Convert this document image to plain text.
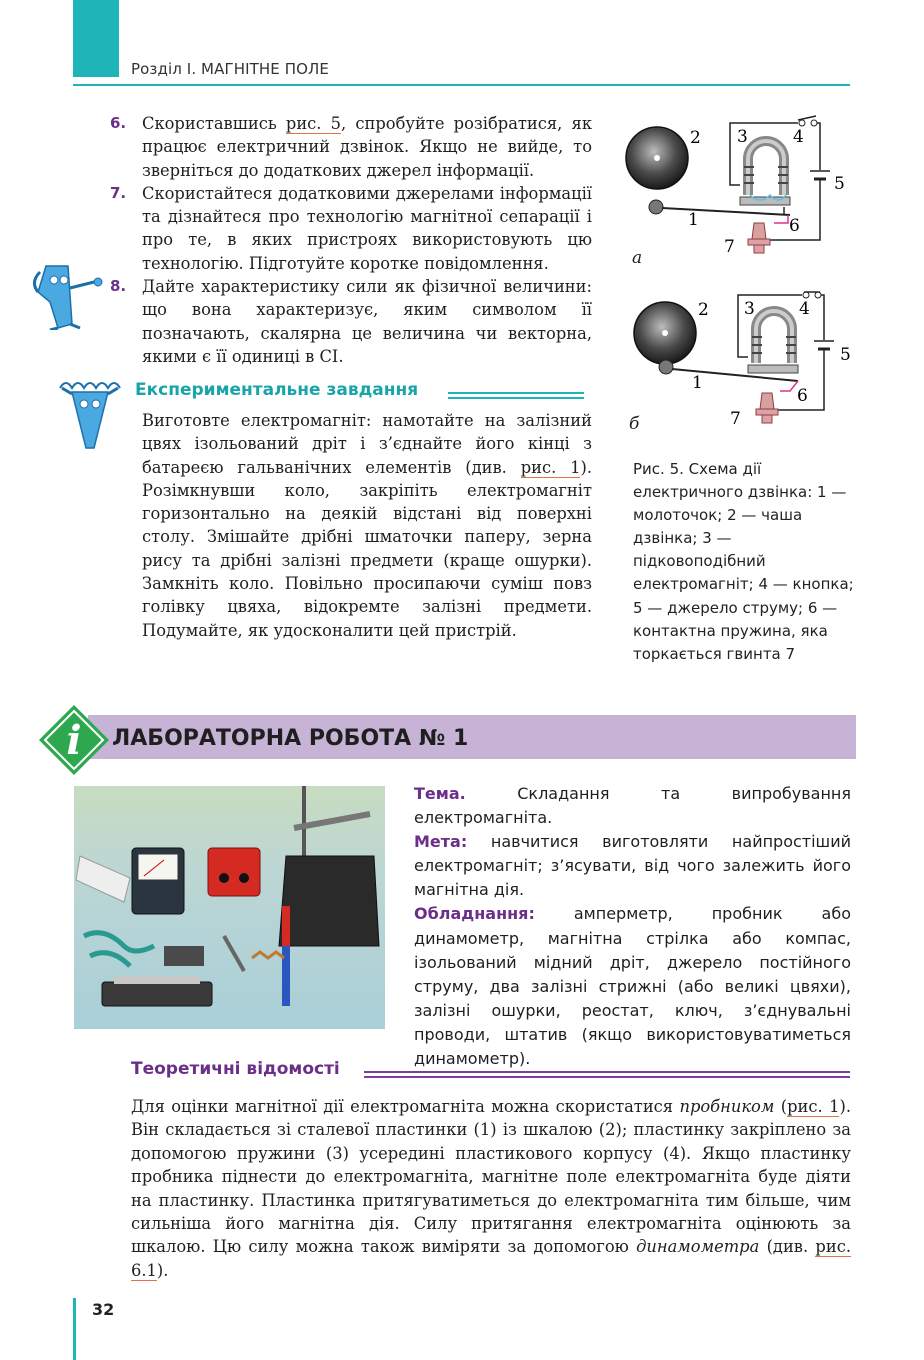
Розділ І. МАГНІТНЕ ПОЛЕ
6. Скориставшись рис. 5, спробуйте розібратися, як працює електричний дзвінок. Якщо не вийде, то зверніться до додаткових джерел інформації.
7. Скористайтеся додатковими джерелами інформації та дізнайтеся про технологію магнітної сепарації і про те, в яких пристроях використовують цю технологію. Підготуйте коротке повідомлення.
8. Дайте характеристику сили як фізичної величини: що вона характеризує, яким символом її позначають, скалярна це величина чи векторна, якими є її одиниці в СІ.
Експериментальне завдання
Виготовте електромагніт: намотайте на залізний цвях ізольований дріт і з’єднайте його кінці з батареєю гальванічних елементів (див. рис. 1). Розімкнувши коло, закріпіть електромагніт горизонтально на деякій відстані від поверхні столу. Змішайте дрібні шматочки паперу, зерна рису та дрібні залізні предмети (краще ошурки). Замкніть коло. Повільно просипаючи суміш повз голівку цвяха, відокремте залізні предмети. Подумайте, як удосконалити цей пристрій.
2 3	4
5
1	6
7
а
2 3	4
5
1
6
7
б
Рис. 5. Схема дії електричного дзвінка: 1 — молоточок; 2 — чаша дзвінка; 3 — підковоподібний електромагніт; 4 — кнопка; 5 — джерело струму; 6 — контактна пружина, яка торкається гвинта 7
i ЛАБОРАТОРНА РОБОТА № 1
Тема. Складання та випробування електромагніта.
Мета: навчитися виготовляти найпростіший електромагніт; з’ясувати, від чого залежить його магнітна дія.
Обладнання: амперметр, пробник або динамометр, магнітна стрілка або компас, ізольований мідний дріт, джерело постійного струму, два залізні стрижні (або великі цвяхи), залізні ошурки, реостат, ключ, з’єднувальні проводи, штатив (якщо використовуватиметься динамометр).
Теоретичні відомості
Для оцінки магнітної дії електромагніта можна скористатися пробником (рис. 1). Він складається зі сталевої пластинки (1) із шкалою (2); пластинку закріплено за допомогою пружини (3) усередині пластикового корпусу (4). Якщо пластинку пробника піднести до електромагніта, магнітне поле електромагніта буде діяти на пластинку. Пластинка притягуватиметься до електромагніта тим більше, чим сильніша його магнітна дія. Силу притягання електромагніта оцінюють за шкалою. Цю силу можна також виміряти за допомогою динамометра (див. рис. 6.1).
32
